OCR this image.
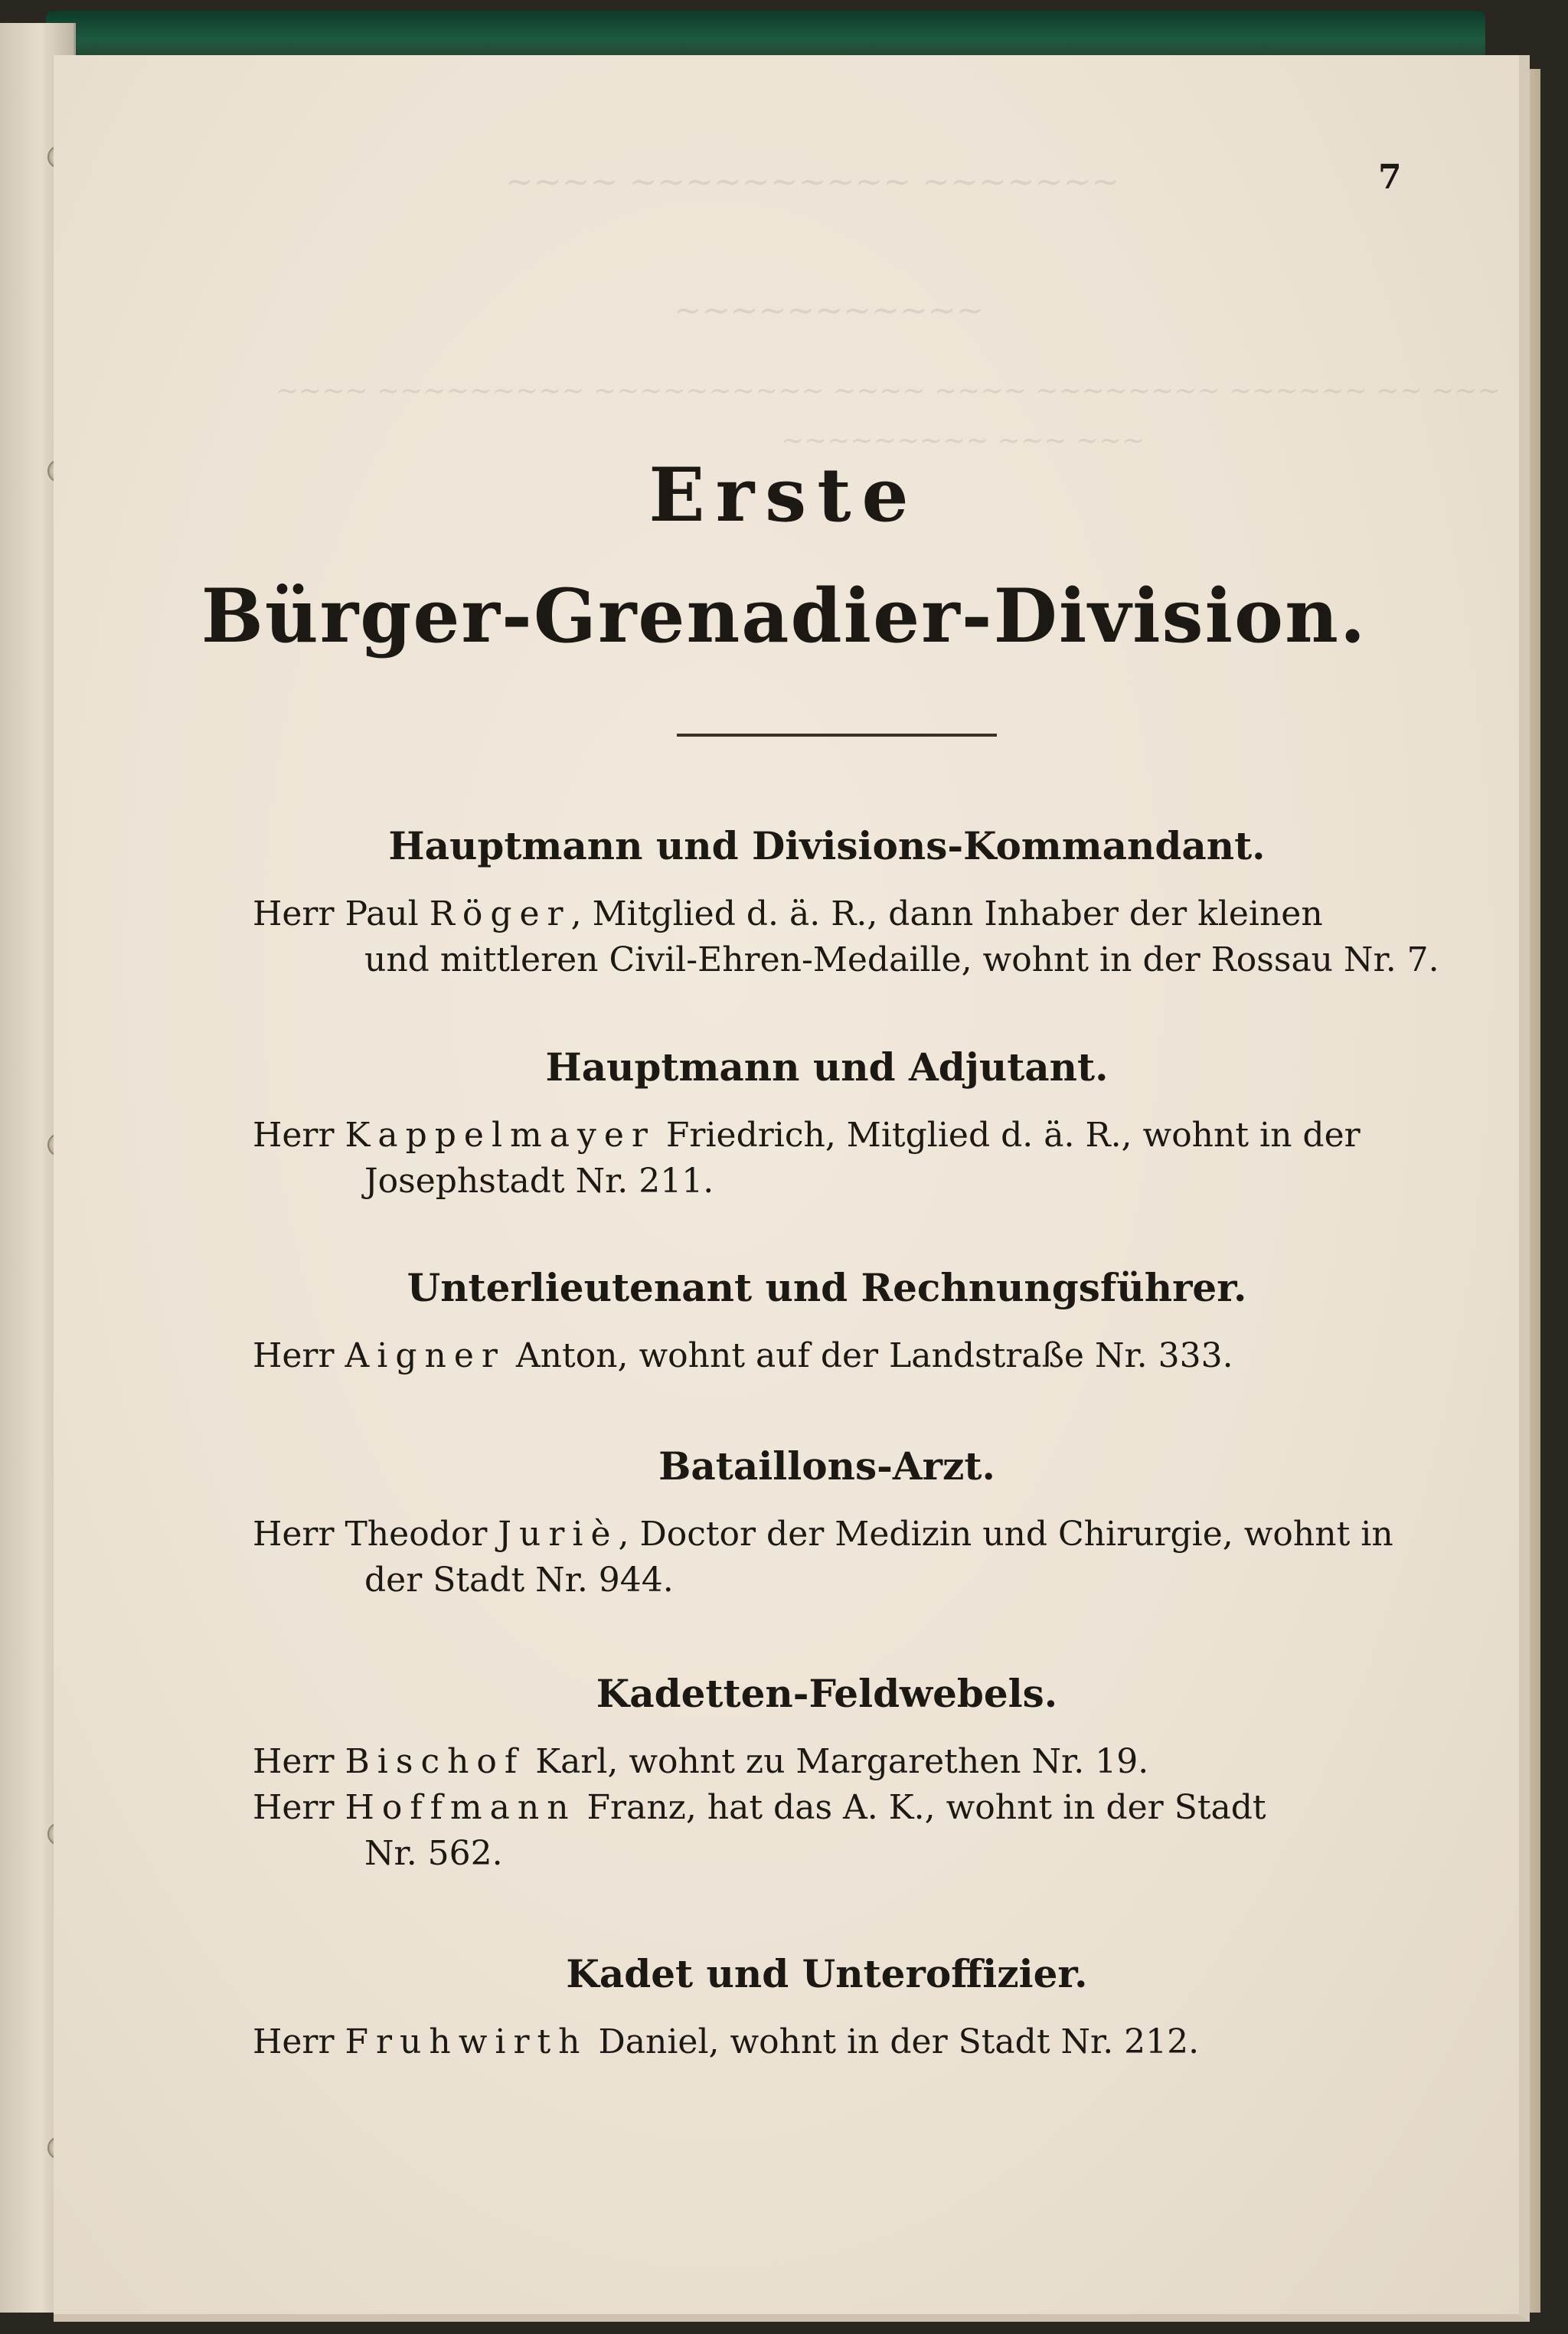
~~~~ ~~~~~~~~~~ ~~~~~~~
~~~~~~~~~~~
~~~~ ~~~~~~~~~ ~~~~~~~~~~ ~~~~ ~~~~ ~~~~~~~~ ~~~~~~ ~~ ~~~
~~~~~~~~~ ~~~ ~~~
7
Erste
Bürger-Grenadier-Division.
Hauptmann und Divisions-Kommandant.
Herr Paul Röger, Mitglied d. ä. R., dann Inhaber der kleinen
und mittleren Civil-Ehren-Medaille, wohnt in der Rossau Nr. 7.
Hauptmann und Adjutant.
Herr Kappelmayer Friedrich, Mitglied d. ä. R., wohnt in der
Josephstadt Nr. 211.
Unterlieutenant und Rechnungsführer.
Herr Aigner Anton, wohnt auf der Landstraße Nr. 333.
Bataillons-Arzt.
Herr Theodor Juriè, Doctor der Medizin und Chirurgie, wohnt in
der Stadt Nr. 944.
Kadetten-Feldwebels.
Herr Bischof Karl, wohnt zu Margarethen Nr. 19.
Herr Hoffmann Franz, hat das A. K., wohnt in der Stadt
Nr. 562.
Kadet und Unteroffizier.
Herr Fruhwirth Daniel, wohnt in der Stadt Nr. 212.
